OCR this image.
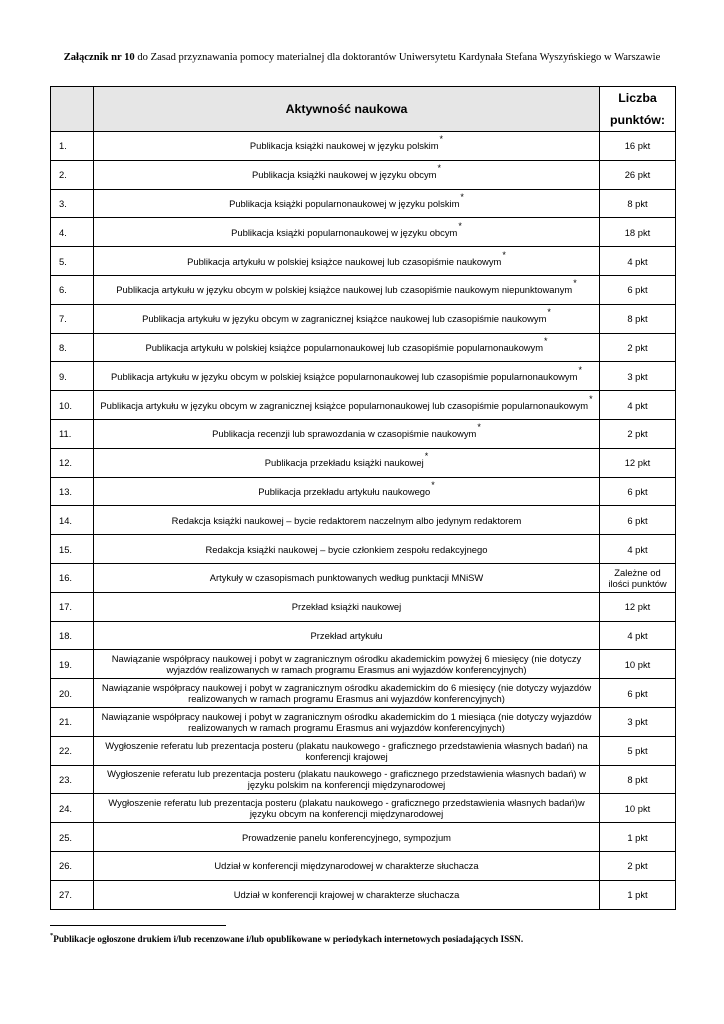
Załącznik nr 10 do Zasad przyznawania pomocy materialnej dla doktorantów Uniwersytetu Kardynała Stefana Wyszyńskiego w Warszawie
	Aktywność naukowa	Liczba punktów:
1.	Publikacja książki naukowej w języku polskim*	16 pkt
2.	Publikacja książki naukowej w języku obcym*	26 pkt
3.	Publikacja książki popularnonaukowej w języku polskim*	8 pkt
4.	Publikacja książki popularnonaukowej w języku obcym*	18 pkt
5.	Publikacja artykułu w polskiej książce naukowej lub czasopiśmie naukowym*	4 pkt
6.	Publikacja artykułu w języku obcym w polskiej książce naukowej lub czasopiśmie naukowym niepunktowanym*	6 pkt
7.	Publikacja artykułu w języku obcym w zagranicznej książce naukowej lub czasopiśmie naukowym*	8 pkt
8.	Publikacja artykułu w polskiej książce popularnonaukowej lub czasopiśmie popularnonaukowym*	2 pkt
9.	Publikacja artykułu w języku obcym w polskiej książce popularnonaukowej lub czasopiśmie popularnonaukowym*	3 pkt
10.	Publikacja artykułu w języku obcym w zagranicznej książce popularnonaukowej lub czasopiśmie popularnonaukowym*	4 pkt
11.	Publikacja recenzji lub sprawozdania w czasopiśmie naukowym*	2 pkt
12.	Publikacja przekładu książki naukowej*	12 pkt
13.	Publikacja przekładu artykułu naukowego*	6 pkt
14.	Redakcja książki naukowej – bycie redaktorem naczelnym albo jedynym redaktorem	6 pkt
15.	Redakcja książki naukowej – bycie członkiem zespołu redakcyjnego	4 pkt
16.	Artykuły w czasopismach punktowanych według punktacji MNiSW	Zależne od ilości punktów
17.	Przekład książki naukowej	12 pkt
18.	Przekład artykułu	4 pkt
19.	Nawiązanie współpracy naukowej i pobyt w zagranicznym ośrodku akademickim powyżej 6 miesięcy (nie dotyczy wyjazdów realizowanych w ramach programu Erasmus ani wyjazdów konferencyjnych)	10 pkt
20.	Nawiązanie współpracy naukowej i pobyt w zagranicznym ośrodku akademickim do 6 miesięcy (nie dotyczy wyjazdów realizowanych w ramach programu Erasmus ani wyjazdów konferencyjnych)	6 pkt
21.	Nawiązanie współpracy naukowej i pobyt w zagranicznym ośrodku akademickim do 1 miesiąca (nie dotyczy wyjazdów realizowanych w ramach programu Erasmus ani wyjazdów konferencyjnych)	3 pkt
22.	Wygłoszenie referatu lub prezentacja posteru (plakatu naukowego - graficznego przedstawienia własnych badań) na konferencji krajowej	5 pkt
23.	Wygłoszenie referatu lub prezentacja posteru (plakatu naukowego - graficznego przedstawienia własnych badań) w języku polskim na konferencji międzynarodowej	8 pkt
24.	Wygłoszenie referatu lub prezentacja posteru (plakatu naukowego - graficznego przedstawienia własnych badań)w języku obcym na konferencji międzynarodowej	10 pkt
25.	Prowadzenie panelu konferencyjnego, sympozjum	1 pkt
26.	Udział w konferencji międzynarodowej w charakterze słuchacza	2 pkt
27.	Udział w konferencji krajowej w charakterze słuchacza	1 pkt
*Publikacje ogłoszone drukiem i/lub recenzowane i/lub opublikowane w periodykach internetowych posiadających ISSN.
